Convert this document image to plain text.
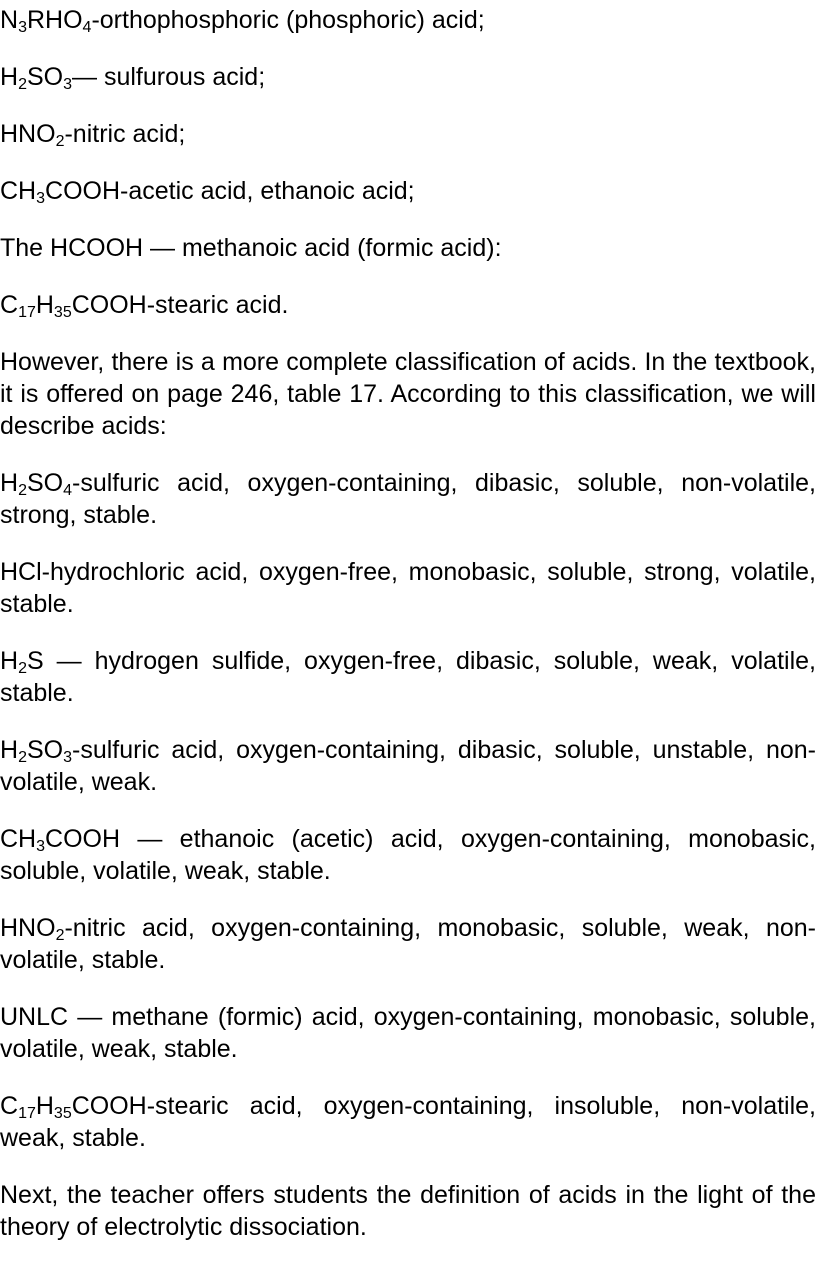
$N_3RHO_4$-orthophosphoric (phosphoric) acid;

$H_2SO_3—$ sulfurous acid;

$HNO_2$-nitric acid;

$CH_3COOH$-acetic acid, ethanoic acid;

The HCOOH — methanoic acid (formic acid):

$C_{17}H_{35}COOH$-stearic acid.

However, there is a more complete classification of acids. In the textbook, it is offered on page 246, table 17. According to this classification, we will describe acids:

$H_2SO_4$-sulfuric acid, oxygen-containing, dibasic, soluble, non-volatile, strong, stable.

HCl-hydrochloric acid, oxygen-free, monobasic, soluble, strong, volatile, stable.

$H_2S$ — hydrogen sulfide, oxygen-free, dibasic, soluble, weak, volatile, stable.

$H_2SO_3$-sulfuric acid, oxygen-containing, dibasic, soluble, unstable, non-volatile, weak.

$CH_3COOH$ — ethanoic (acetic) acid, oxygen-containing, monobasic, soluble, volatile, weak, stable.

$HNO_2$-nitric acid, oxygen-containing, monobasic, soluble, weak, non-volatile, stable.

UNLC — methane (formic) acid, oxygen-containing, monobasic, soluble, volatile, weak, stable.

$C_{17}H_{35}COOH$-stearic acid, oxygen-containing, insoluble, non-volatile, weak, stable.

Next, the teacher offers students the definition of acids in the light of the theory of electrolytic dissociation.
